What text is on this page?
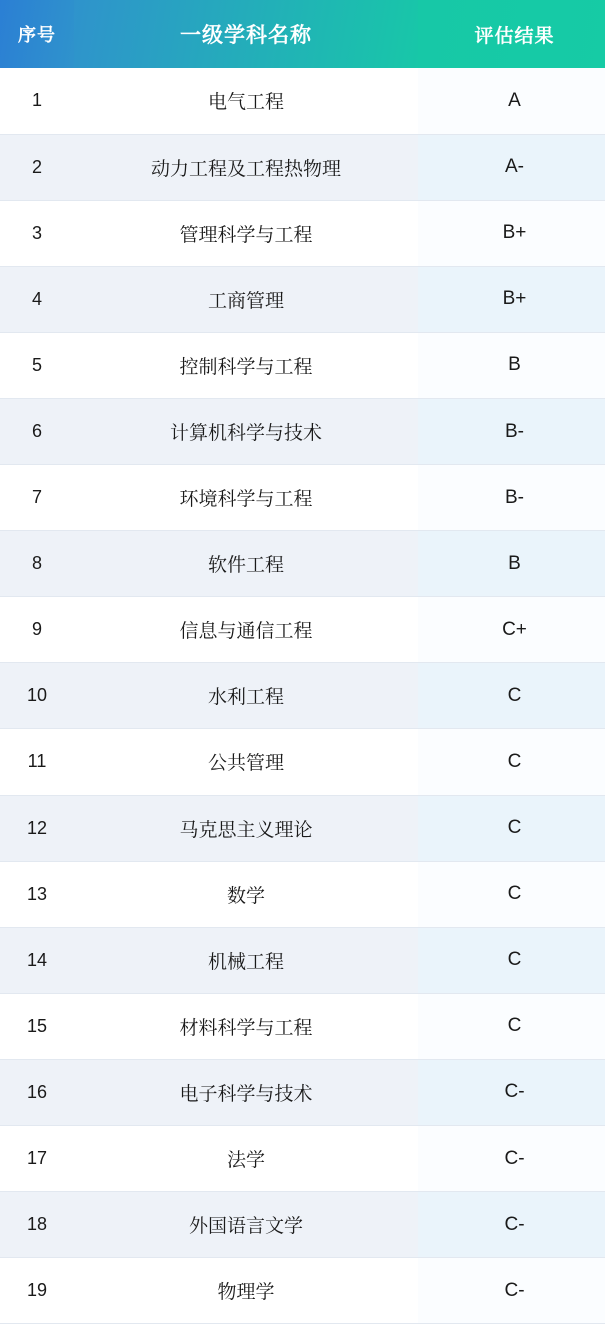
序号	一级学科名称	评估结果
1	电气工程	A
2	动力工程及工程热物理	A-
3	管理科学与工程	B+
4	工商管理	B+
5	控制科学与工程	B
6	计算机科学与技术	B-
7	环境科学与工程	B-
8	软件工程	B
9	信息与通信工程	C+
10	水利工程	C
11	公共管理	C
12	马克思主义理论	C
13	数学	C
14	机械工程	C
15	材料科学与工程	C
16	电子科学与技术	C-
17	法学	C-
18	外国语言文学	C-
19	物理学	C-
